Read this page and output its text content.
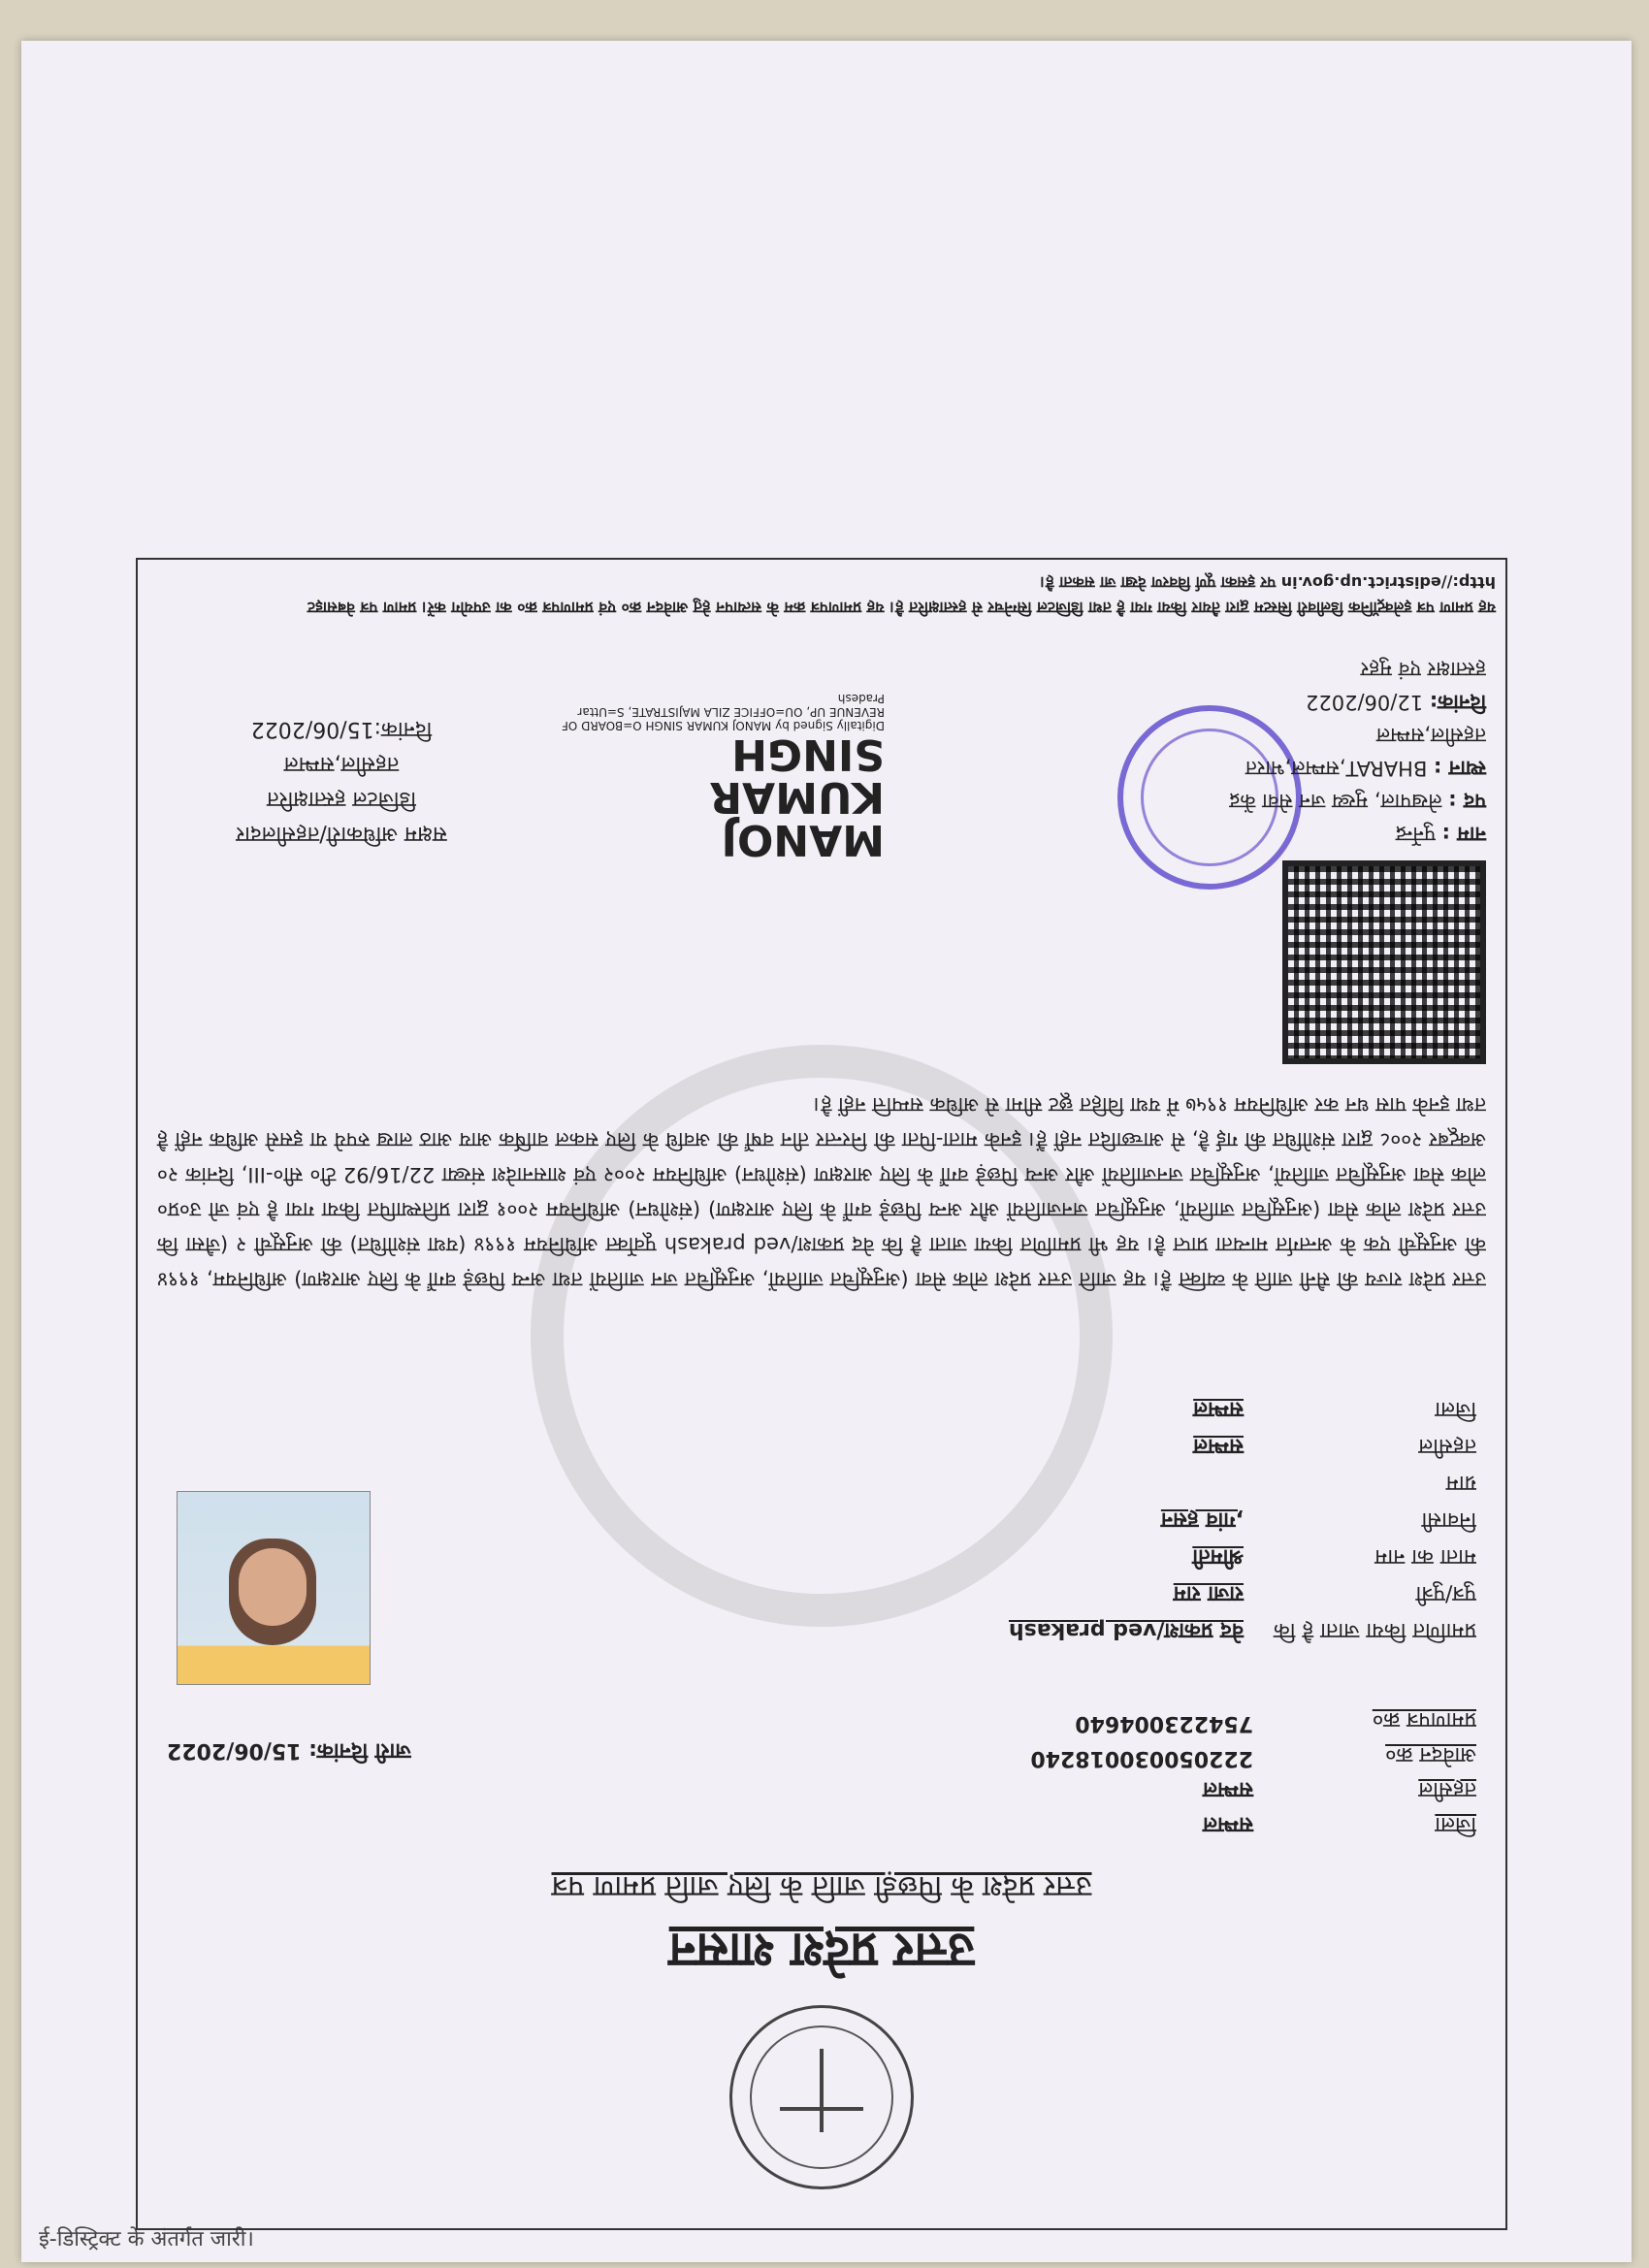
ई-डिस्ट्रिक्ट के अंतर्गत जारी।
उत्तर प्रदेश शासन
उत्तर प्रदेश के पिछड़ी जाति के लिए जाति प्रमाण पत्र
जिला
सम्भल
तहसील
सम्भल
आवेदन क्र०
222050030018240
प्रमाणपत्र क्र०
754223004640
जारी दिनांक: 15/06/2022
प्रमाणित किया जाता है कि
वेद प्रकाश/ved prakash
पुत्र/पुत्री
राजा राम
माता का नाम
श्रीमती
निवासी
,गांव हसन
ग्राम
तहसील
सम्भल
जिला
सम्भल
उत्तर प्रदेश राज्य की सैनी जाति के व्यक्ति हैं। यह जाति उत्तर प्रदेश लोक सेवा (अनुसूचित जातियों, अनुसूचित जन जातियों तथा अन्य पिछड़े वर्गों के लिए आरक्षण) अधिनियम, १९९४ की अनुसूची एक के अन्तर्गत मान्यता प्राप्त है। यह भी प्रमाणित किया जाता है कि वेद प्रकाश/ved prakash पूर्वोक्त अधिनियम १९९४ (यथा संशोधित) की अनुसूची २ (जैसा कि उत्तर प्रदेश लोक सेवा (अनुसूचित जातियों, अनुसूचित जनजातियों और अन्य पिछड़े वर्गों के लिए आरक्षण) (संशोधन) अधिनियम २००१ द्वारा प्रतिस्थापित किया गया है एवं जो उ०प्र० लोक सेवा अनुसूचित जातियों, अनुसूचित जनजातियों और अन्य पिछड़े वर्गों के लिए आरक्षण (संशोधन) अधिनियम २००२ एवं शासनादेश संख्या 22/16/92 टी० सी०-III, दिनांक २० अक्टूबर २००८ द्वारा संशोधित की गई है, से आच्छादित नहीं हैं। इनके माता-पिता की निरन्तर तीन वर्षों की अवधि के लिए सकल वार्षिक आय आठ लाख रुपये या इससे अधिक नहीं है तथा इनके पास धन कर अधिनियम १९५७ में यथा विहित छूट सीमा से अधिक सम्पत्ति नहीं है।
नाम : पुर्नेन्द्र
पद : लेखपाल, मुख्य जन सेवा केंद्र
स्थान : BHARAT,सम्भल,भारत
तहसील,सम्भल
दिनांक: 12/06/2022
हस्ताक्षर एवं मुहर
MANOJ
KUMAR
SINGH
Digitally Signed by MANOJ KUMAR SINGH O=BOARD OF REVENUE UP, OU=OFFICE ZILA MAJISTRATE, S=Uttar Pradesh
सक्षम अधिकारी/तहसीलदार
डिजिटल हस्ताक्षरित
तहसील,सम्भल
दिनांक:15/06/2022
यह प्रमाण पत्र इलेक्ट्रॉनिक डिलीवरी सिस्टम द्वारा तैयार किया गया है तथा डिजिटल सिग्नेचर से हस्ताक्षरित है। यह प्रमाणपत्र क्रम के सत्यापन हेतु आवेदन क्र० एवं प्रमाणपत्र क्र० का उपयोग करें। प्रमाण पत्र वेबसाइट http://edistrict.up.gov.in पर इसका पूर्ण विवरण देखा जा सकता है।
